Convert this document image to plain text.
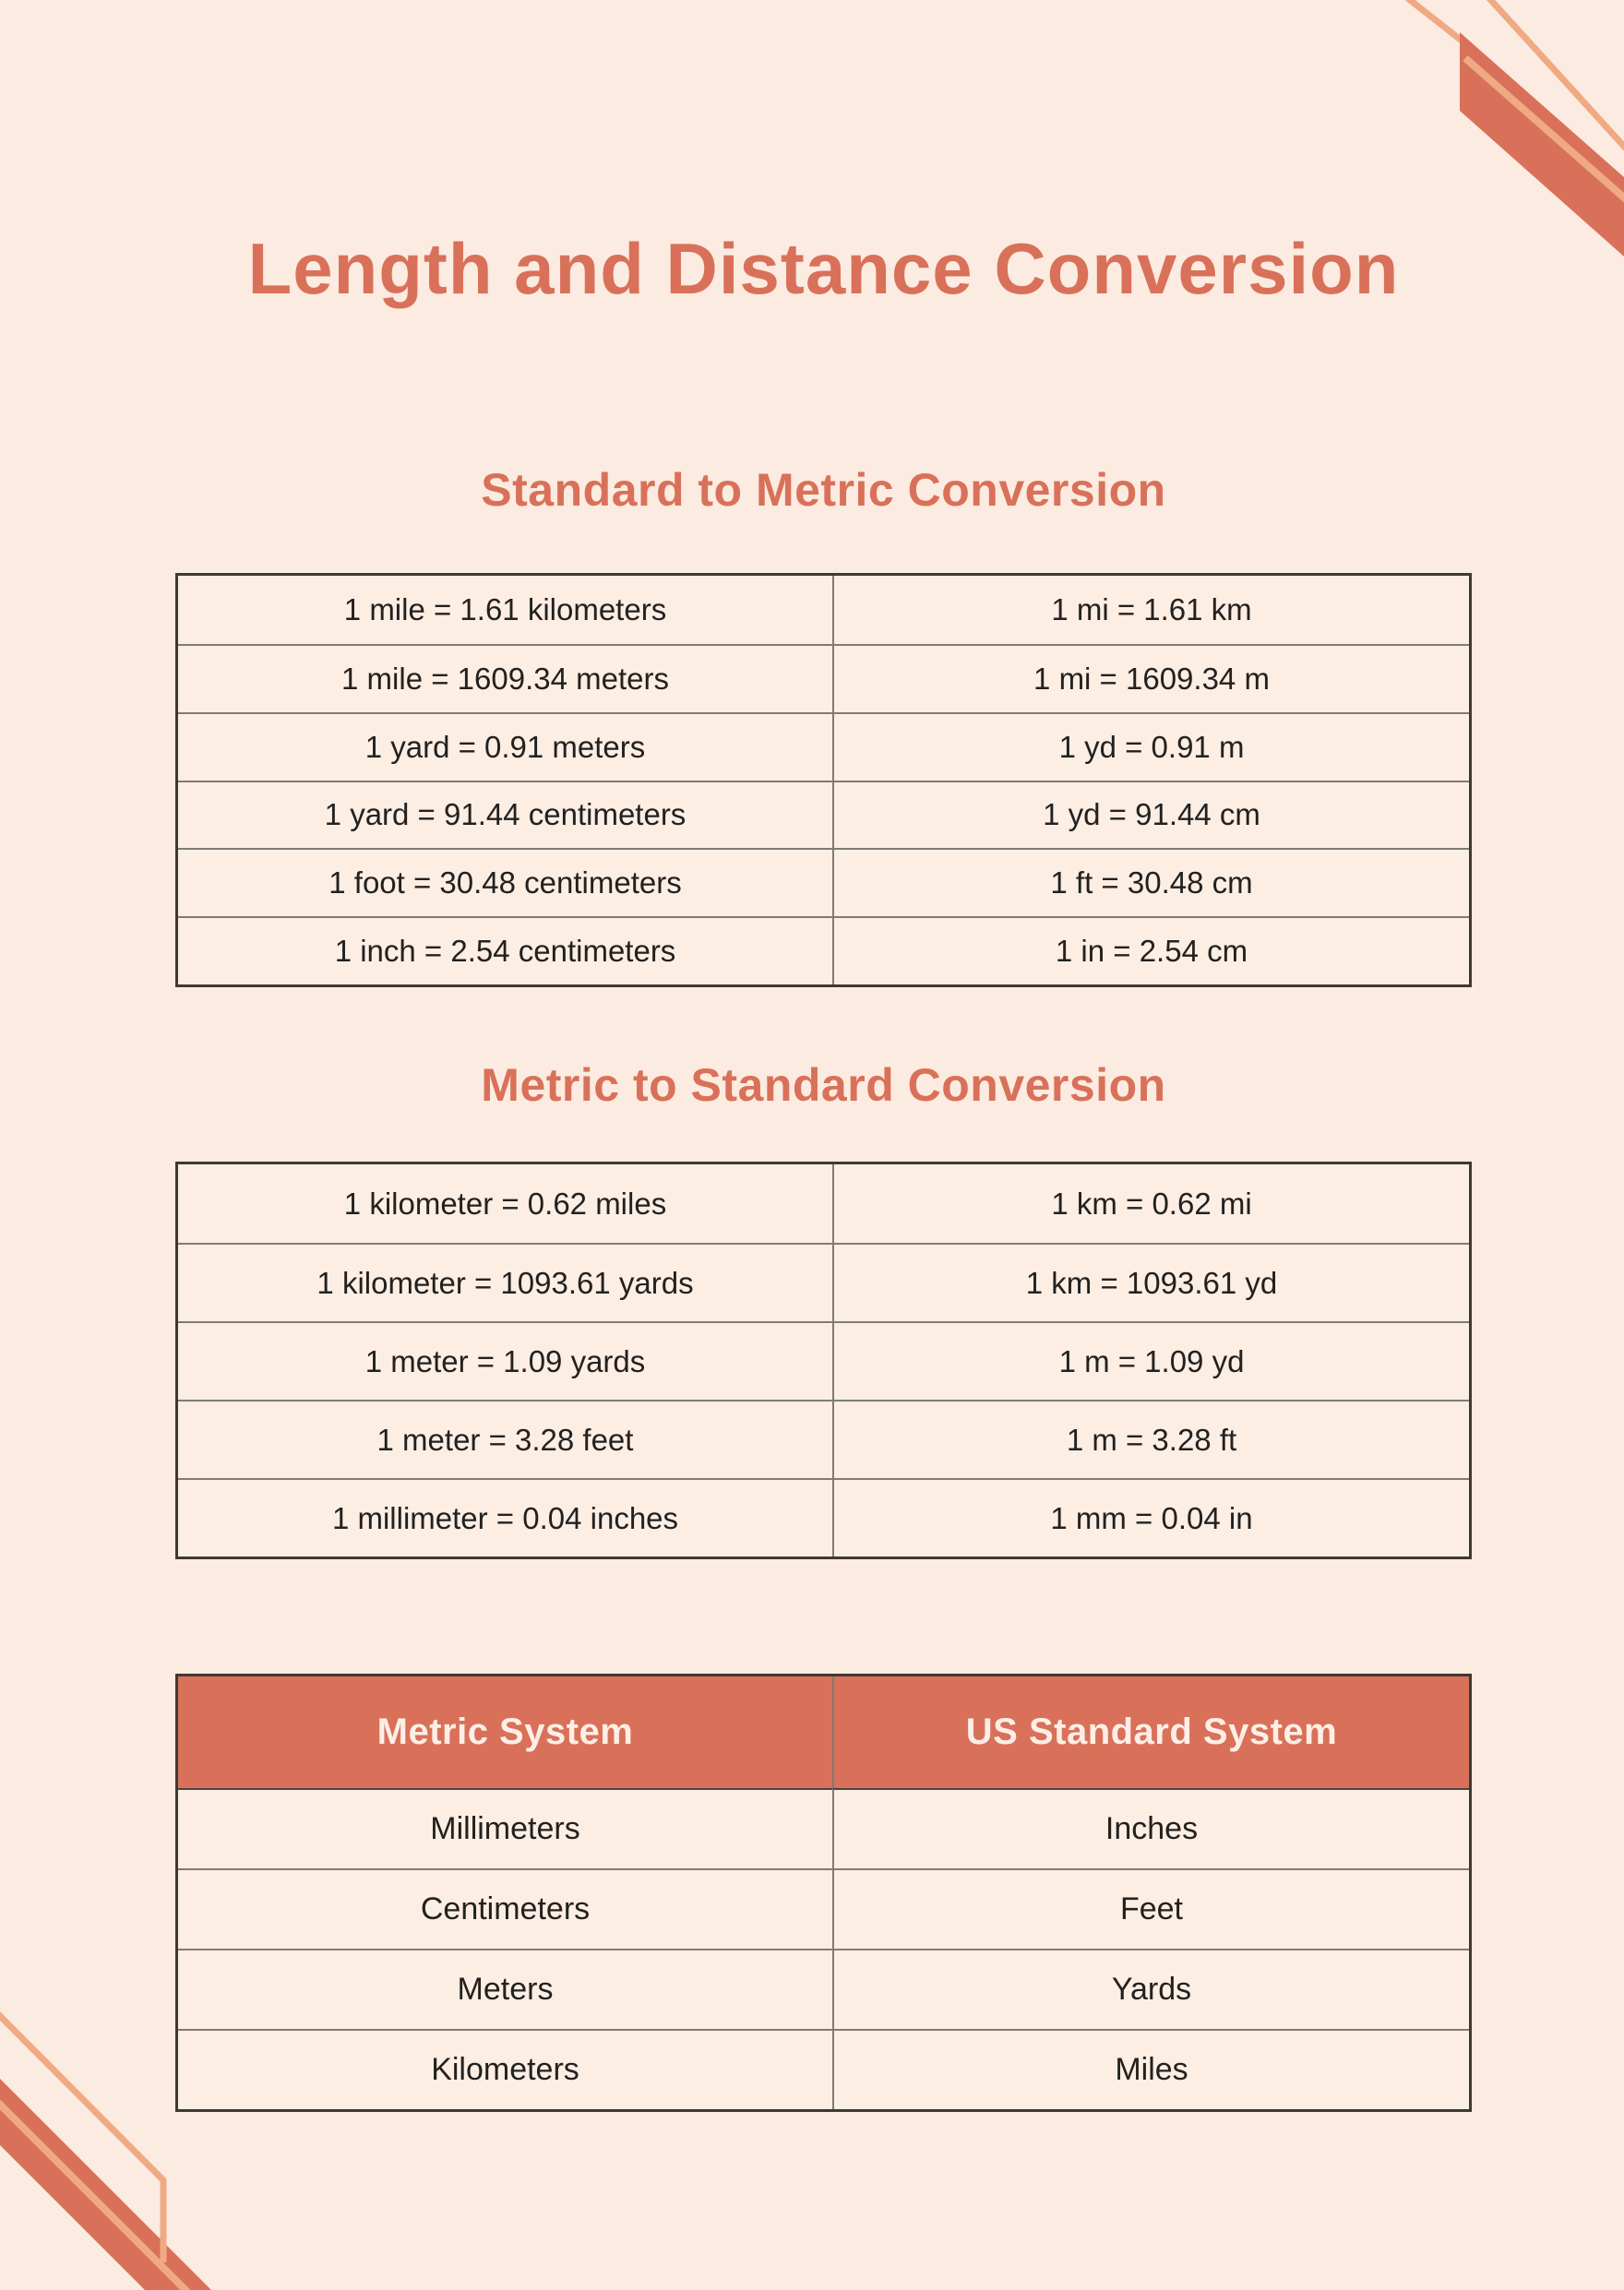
Length and Distance Conversion
Standard to Metric Conversion
1 mile = 1.61 kilometers	1 mi = 1.61 km
1 mile = 1609.34 meters	1 mi = 1609.34 m
1 yard = 0.91 meters	1 yd = 0.91 m
1 yard = 91.44 centimeters	1 yd = 91.44 cm
1 foot = 30.48 centimeters	1 ft = 30.48 cm
1 inch = 2.54 centimeters	1 in = 2.54 cm
Metric to Standard Conversion
1 kilometer = 0.62 miles	1 km = 0.62 mi
1 kilometer = 1093.61 yards	1 km = 1093.61 yd
1 meter = 1.09 yards	1 m = 1.09 yd
1 meter = 3.28 feet	1 m = 3.28 ft
1 millimeter = 0.04 inches	1 mm = 0.04 in
Metric System	US Standard System
Millimeters	Inches
Centimeters	Feet
Meters	Yards
Kilometers	Miles
